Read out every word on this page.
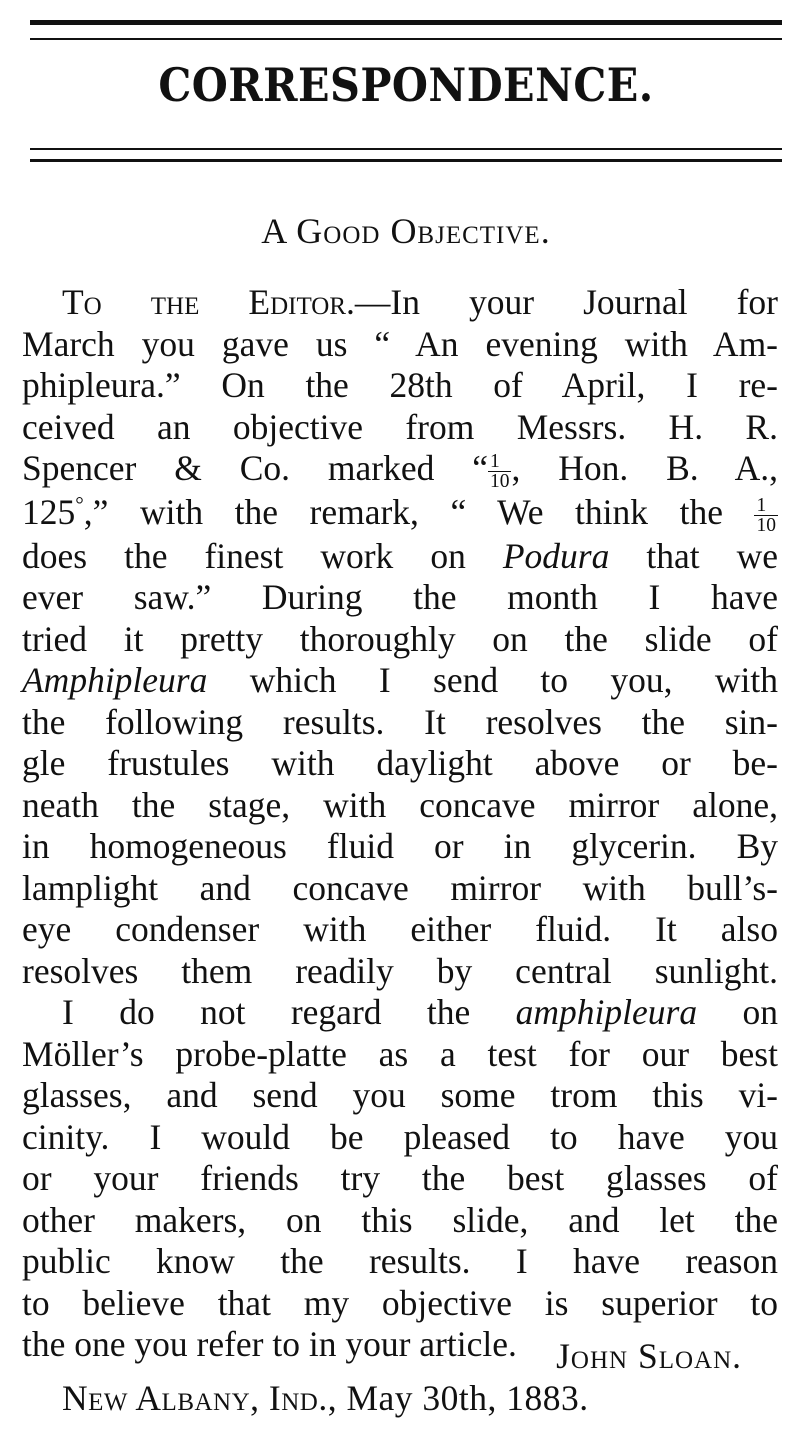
CORRESPONDENCE.
A Good Objective.
To the Editor.—In your Journal for
March you gave us “ An evening with Am-
phipleura.” On the 28th of April, I re-
ceived an objective from Messrs. H. R.
Spencer & Co. marked “ $\frac{1}{10}$ , Hon. B. A.,
125°,” with the remark, “ We think the $\frac{1}{10}$
does the finest work on Podura that we
ever saw.” During the month I have
tried it pretty thoroughly on the slide of
Amphipleura which I send to you, with
the following results. It resolves the sin-
gle frustules with daylight above or be-
neath the stage, with concave mirror alone,
in homogeneous fluid or in glycerin. By
lamplight and concave mirror with bull’s-
eye condenser with either fluid. It also
resolves them readily by central sunlight.
I do not regard the amphipleura on
Möller’s probe-platte as a test for our best
glasses, and send you some trom this vi-
cinity. I would be pleased to have you
or your friends try the best glasses of
other makers, on this slide, and let the
public know the results. I have reason
to believe that my objective is superior to
the one you refer to in your article.	John Sloan.
New Albany, Ind., May 30th, 1883.
